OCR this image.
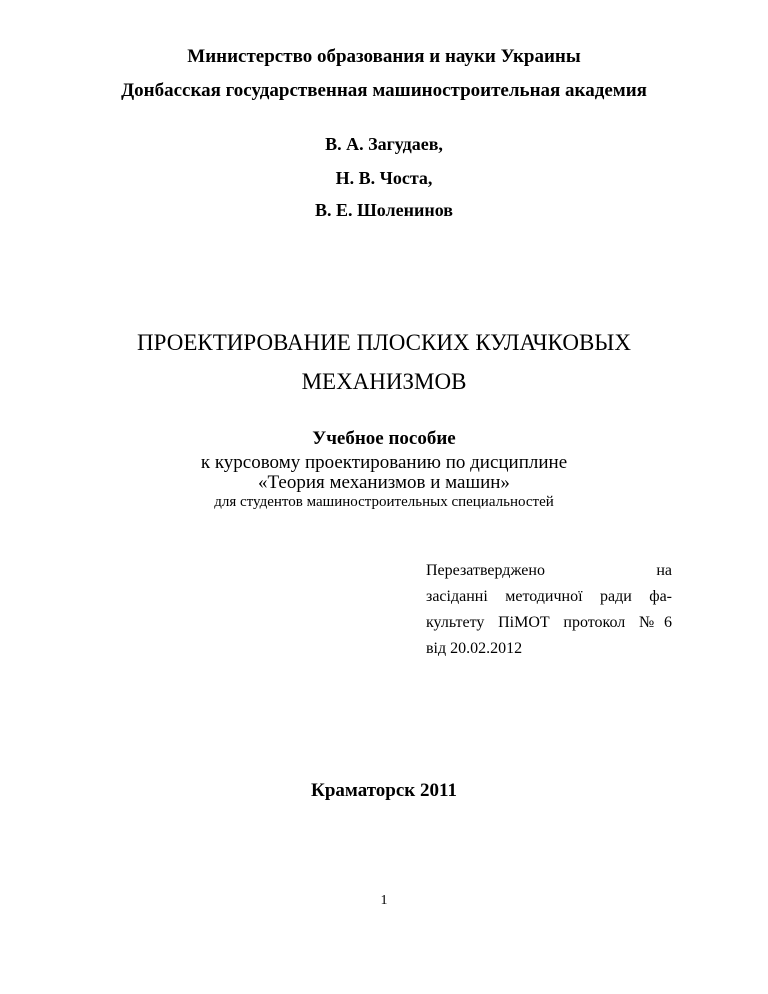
Министерство образования и науки Украины
Донбасская государственная машиностроительная академия
В. А. Загудаев,
Н. В. Чоста,
В. Е. Шоленинов
ПРОЕКТИРОВАНИЕ ПЛОСКИХ КУЛАЧКОВЫХ
МЕХАНИЗМОВ
Учебное пособие
к курсовому проектированию по дисциплине
«Теория механизмов и машин»
для студентов машиностроительных специальностей
Перезатверджено на
засіданні методичної ради фа-
культету ПіМОТ протокол №6
від 20.02.2012
Краматорск 2011
1
